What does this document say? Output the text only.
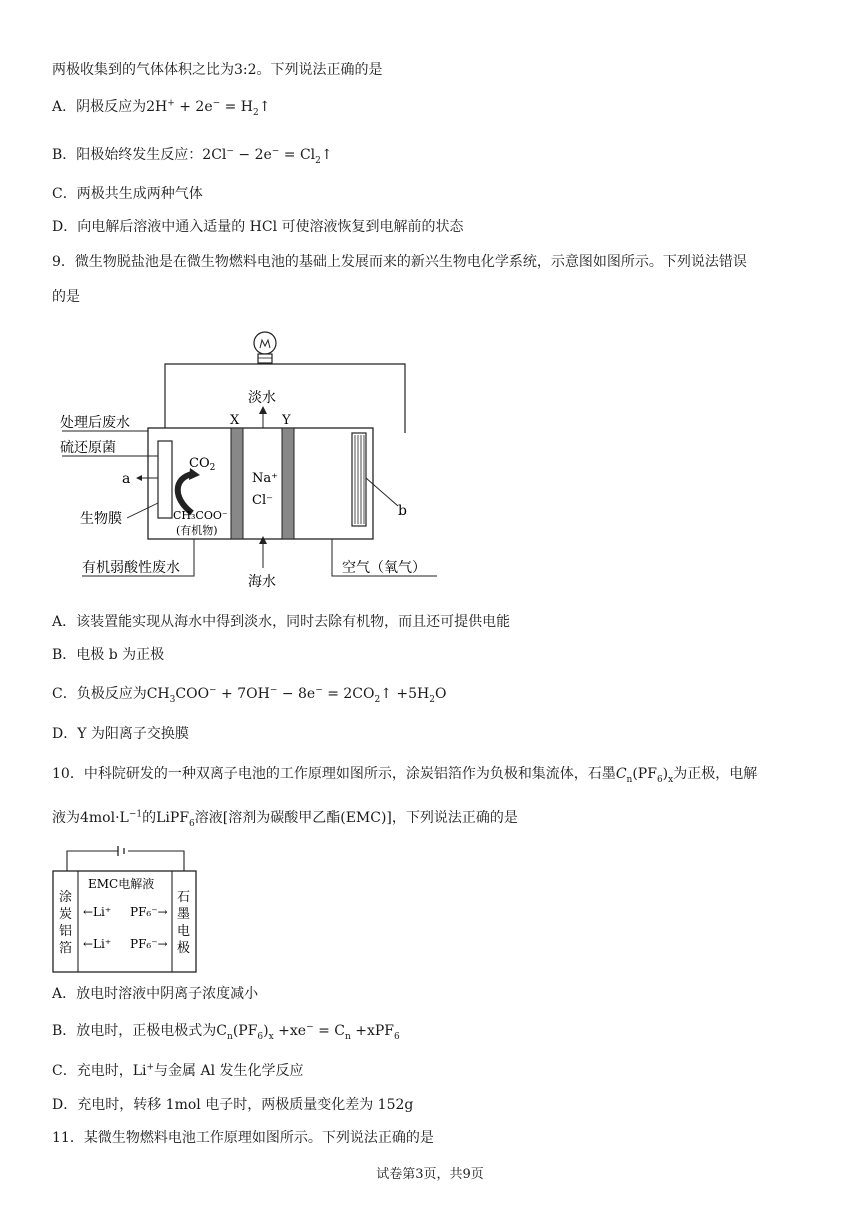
两极收集到的气体体积之比为3:2。下列说法正确的是
A．阴极反应为$2H^+ + 2e^- = H_2↑$
B．阳极始终发生反应：$2Cl^- - 2e^- = Cl_2↑$
C．两极共生成两种气体
D．向电解后溶液中通入适量的 HCl 可使溶液恢复到电解前的状态
9．微生物脱盐池是在微生物燃料电池的基础上发展而来的新兴生物电化学系统，示意图如图所示。下列说法错误
的是
a
b
淡水
X	Y
处理后废水
硫还原菌
$CO_2$
Na⁺
Cl⁻
生物膜	CH₃COO⁻
(有机物)
有机弱酸性废水
海水
空气（氧气）
A．该装置能实现从海水中得到淡水，同时去除有机物，而且还可提供电能
B．电极 b 为正极
C．负极反应为$CH_3COO^- + 7OH^- - 8e^-$ = $2CO_2↑ +5H_2O$
D．Y 为阳离子交换膜
10．中科院研发的一种双离子电池的工作原理如图所示，涂炭铝箔作为负极和集流体，石墨$C_n(PF_6)_x$为正极，电解
液为$4mol\cdot L^{-1}$的LiPF$_6$溶液[溶剂为碳酸甲乙酯(EMC)]，下列说法正确的是
涂
炭
铝
箔
石
墨
电
极
EMC电解液
←Li⁺ PF₆⁻→
←Li⁺ PF₆⁻→
A．放电时溶液中阴离子浓度减小
B．放电时，正极电极式为$C_n(PF_6)_x +xe^- = C_n +xPF_6$
C．充电时，Li+与金属 Al 发生化学反应
D．充电时，转移 1mol 电子时，两极质量变化差为 152g
11．某微生物燃料电池工作原理如图所示。下列说法正确的是
试卷第3页，共9页
